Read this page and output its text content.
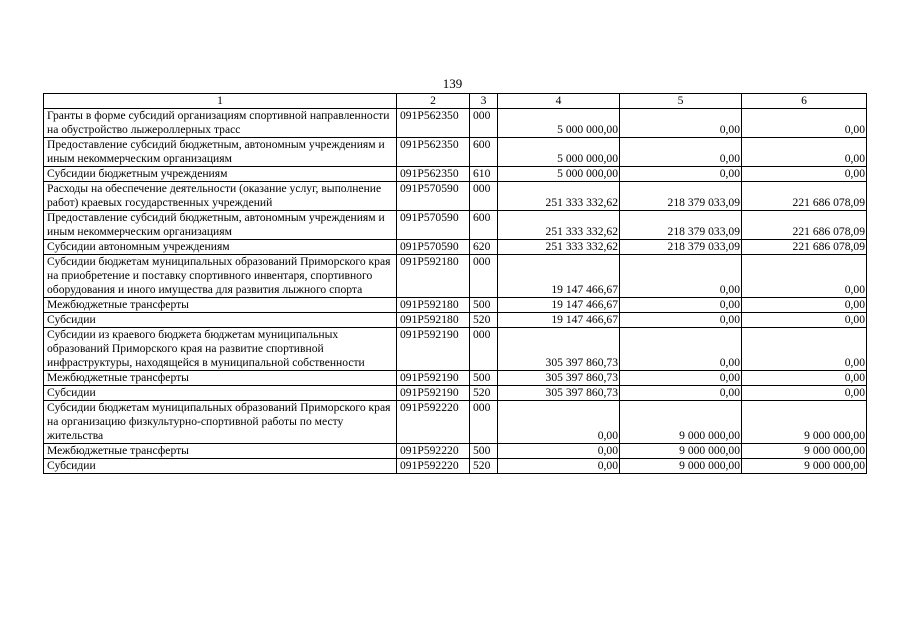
139
1	2	3	4	5	6
Гранты в форме субсидий организациям спортивной направленности на обустройство лыжероллерных трасс	091P562350	000	5 000 000,00	0,00	0,00
Предоставление субсидий бюджетным, автономным учреждениям и иным некоммерческим организациям	091P562350	600	5 000 000,00	0,00	0,00
Субсидии бюджетным учреждениям	091P562350	610	5 000 000,00	0,00	0,00
Расходы на обеспечение деятельности (оказание услуг, выполнение работ) краевых государственных учреждений	091P570590	000	251 333 332,62	218 379 033,09	221 686 078,09
Предоставление субсидий бюджетным, автономным учреждениям и иным некоммерческим организациям	091P570590	600	251 333 332,62	218 379 033,09	221 686 078,09
Субсидии автономным учреждениям	091P570590	620	251 333 332,62	218 379 033,09	221 686 078,09
Субсидии бюджетам муниципальных образований Приморского края на приобретение и поставку спортивного инвентаря, спортивного оборудования и иного имущества для развития лыжного спорта	091P592180	000	19 147 466,67	0,00	0,00
Межбюджетные трансферты	091P592180	500	19 147 466,67	0,00	0,00
Субсидии	091P592180	520	19 147 466,67	0,00	0,00
Субсидии из краевого бюджета бюджетам муниципальных образований Приморского края на развитие спортивной инфраструктуры, находящейся в муниципальной собственности	091P592190	000	305 397 860,73	0,00	0,00
Межбюджетные трансферты	091P592190	500	305 397 860,73	0,00	0,00
Субсидии	091P592190	520	305 397 860,73	0,00	0,00
Субсидии бюджетам муниципальных образований Приморского края на организацию физкультурно-спортивной работы по месту жительства	091P592220	000	0,00	9 000 000,00	9 000 000,00
Межбюджетные трансферты	091P592220	500	0,00	9 000 000,00	9 000 000,00
Субсидии	091P592220	520	0,00	9 000 000,00	9 000 000,00
